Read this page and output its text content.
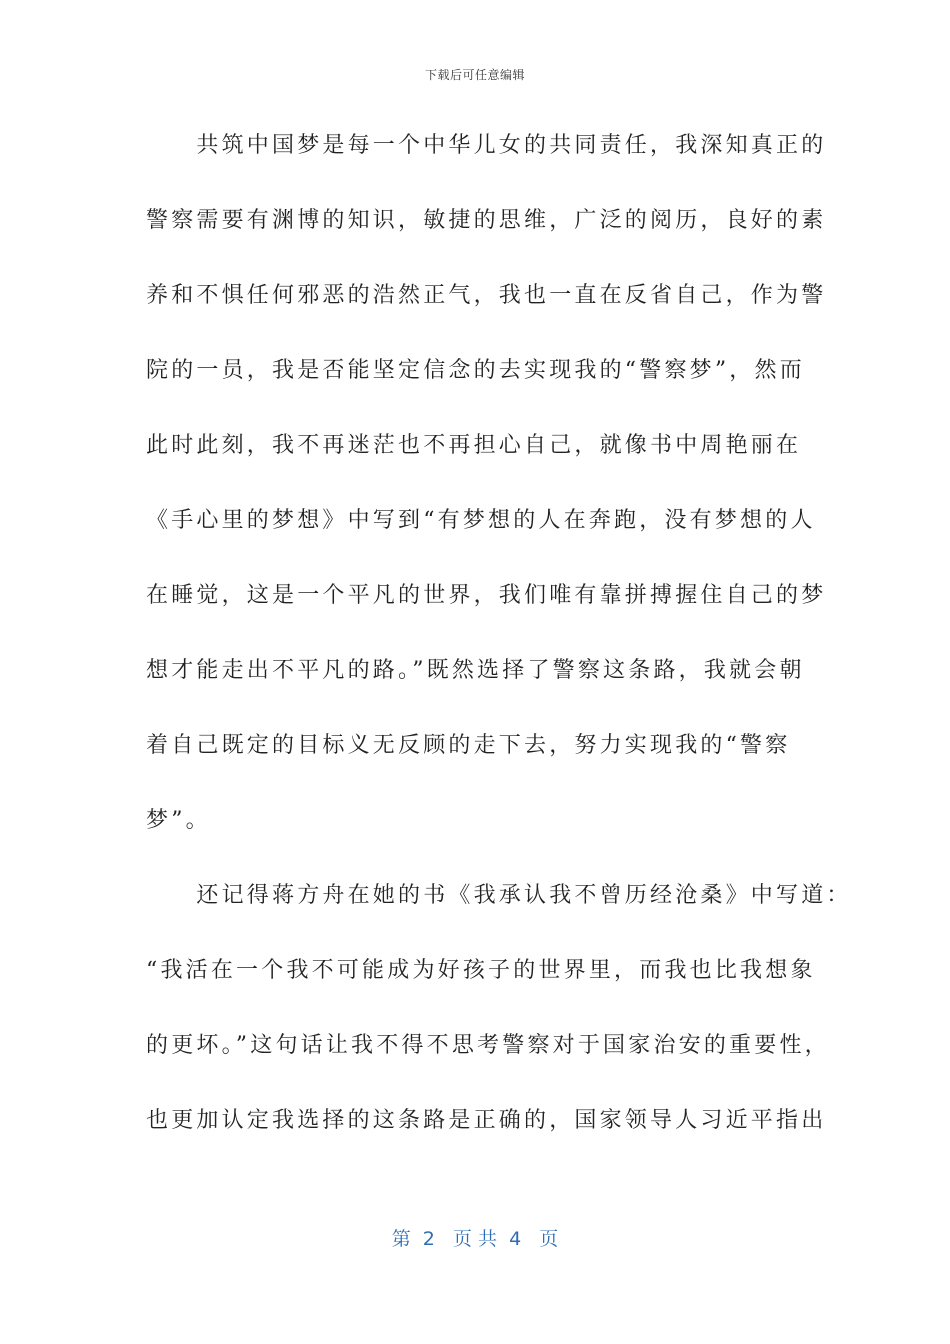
下载后可任意编辑
　　共筑中国梦是每一个中华儿女的共同责任，我深知真正的
警察需要有渊博的知识，敏捷的思维，广泛的阅历，良好的素
养和不惧任何邪恶的浩然正气，我也一直在反省自己，作为警
院的一员，我是否能坚定信念的去实现我的“警察梦”，然而
此时此刻，我不再迷茫也不再担心自己，就像书中周艳丽在
《手心里的梦想》中写到“有梦想的人在奔跑，没有梦想的人
在睡觉，这是一个平凡的世界，我们唯有靠拼搏握住自己的梦
想才能走出不平凡的路。”既然选择了警察这条路，我就会朝
着自己既定的目标义无反顾的走下去，努力实现我的“警察
梦”。
　　还记得蒋方舟在她的书《我承认我不曾历经沧桑》中写道：
“我活在一个我不可能成为好孩子的世界里，而我也比我想象
的更坏。”这句话让我不得不思考警察对于国家治安的重要性，
也更加认定我选择的这条路是正确的，国家领导人习近平指出
第  2   页 共  4   页
